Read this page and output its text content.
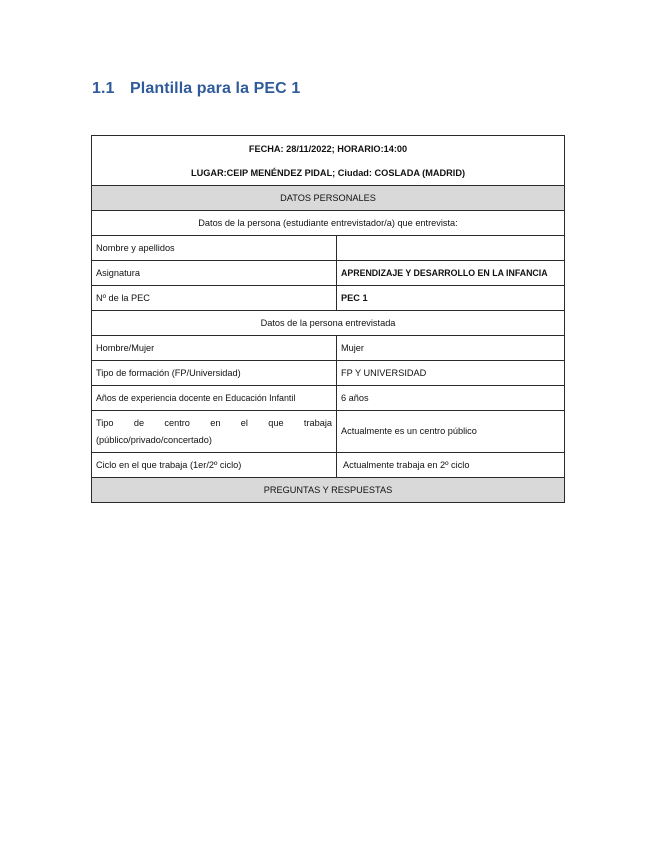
1.1 Plantilla para la PEC 1
FECHA: 28/11/2022; HORARIO:14:00
LUGAR:CEIP MENÉNDEZ PIDAL; Ciudad: COSLADA (MADRID)	

DATOS PERSONALES	
Datos de la persona (estudiante entrevistador/a) que entrevista:	
Nombre y apellidos	
Asignatura	APRENDIZAJE Y DESARROLLO EN LA INFANCIA
Nº de la PEC	PEC 1
Datos de la persona entrevistada	
Hombre/Mujer	Mujer
Tipo de formación (FP/Universidad)	FP Y UNIVERSIDAD
Años de experiencia docente en Educación Infantil	6 años

Tipo de centro en el que trabaja
(público/privado/concertado)	Actualmente es un centro público
Ciclo en el que trabaja (1er/2º ciclo)	Actualmente trabaja en 2º ciclo
PREGUNTAS Y RESPUESTAS	
